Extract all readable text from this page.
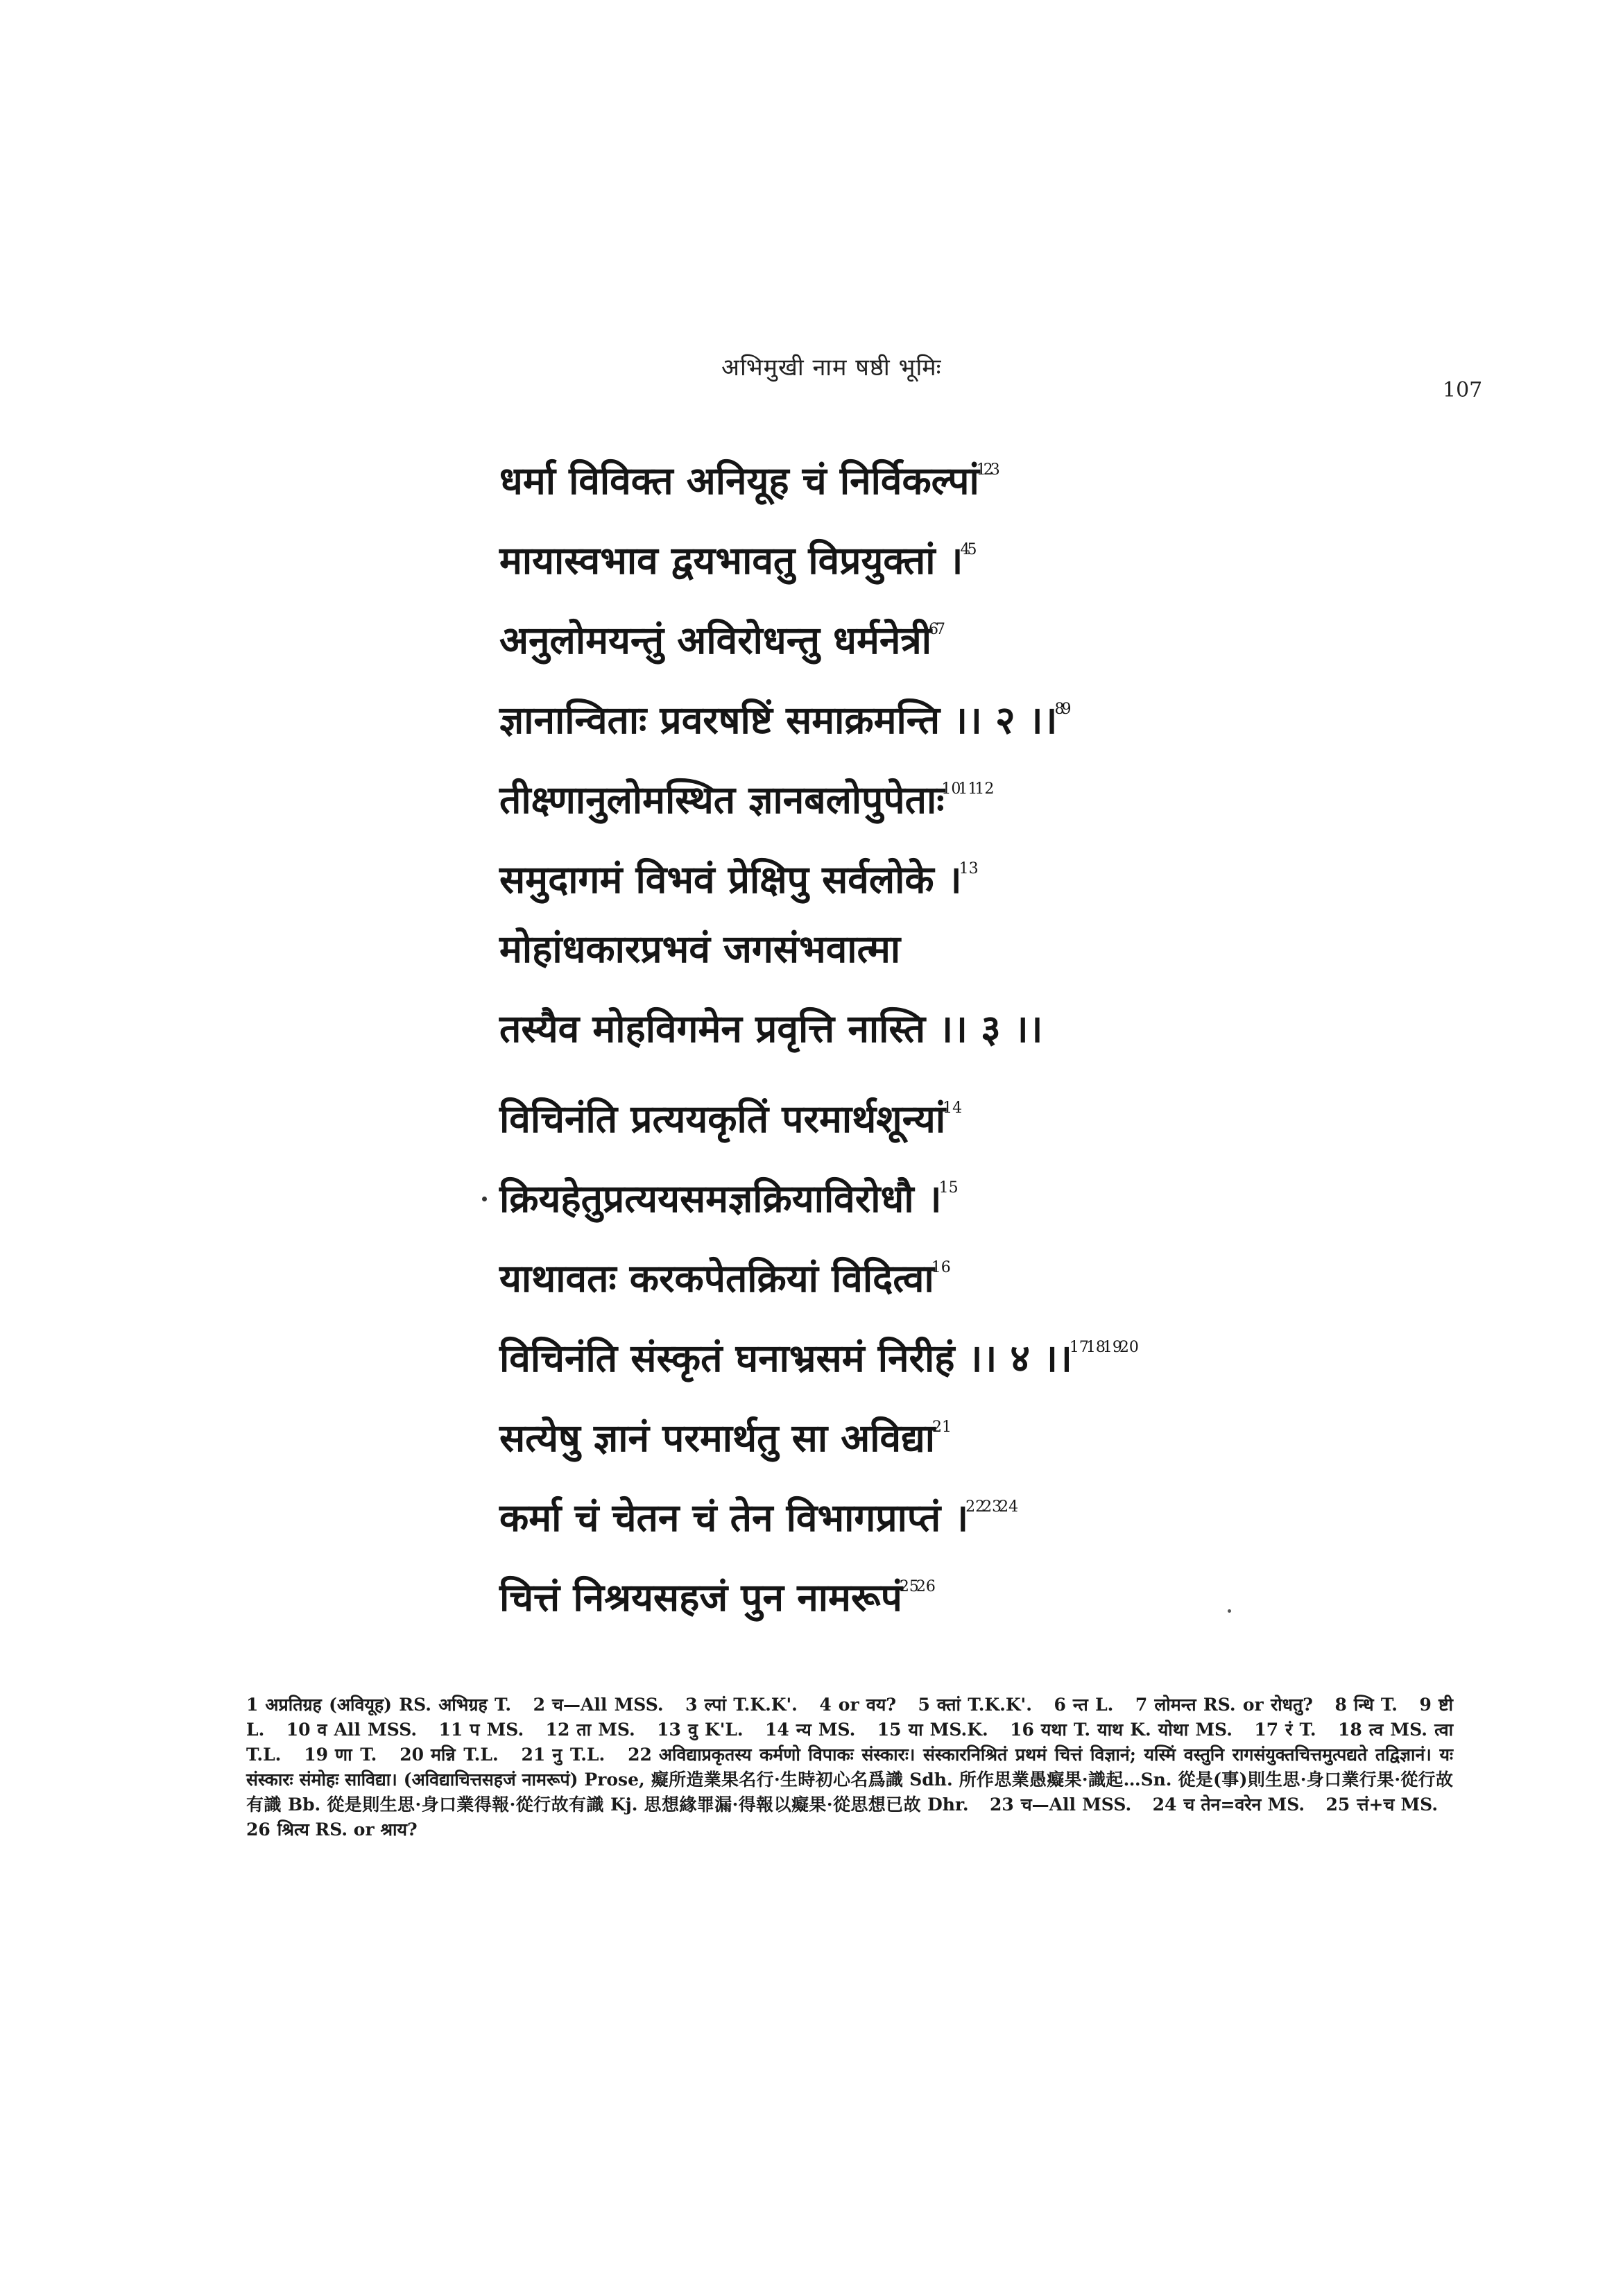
अभिमुखी नाम षष्ठी भूमिः
107
धर्मा विविक्त अनियूह चं निर्विकल्पां$^{123}$
मायास्वभाव द्वयभावतु विप्रयुक्तां ।$^{45}$
अनुलोमयन्तुं अविरोधन्तु धर्मनेत्री$^{67}$
ज्ञानान्विताः प्रवरषष्टिं समाक्रमन्ति ।। २ ।।$^{89}$
तीक्ष्णानुलोमस्थित ज्ञानबलोपुपेताः$^{101112}$
समुदागमं विभवं प्रेक्षिपु सर्वलोके ।$^{13}$
मोहांधकारप्रभवं जगसंभवात्मा
तस्यैव मोहविगमेन प्रवृत्ति नास्ति ।। ३ ।।
विचिनंति प्रत्ययकृतिं परमार्थशून्यां$^{14}$
क्रियहेतुप्रत्ययसमज्ञक्रियाविरोधौ ।$^{15}$
याथावतः करकपेतक्रियां विदित्वा$^{16}$
विचिनंति संस्कृतं घनाभ्रसमं निरीहं ।। ४ ।।$^{17181920}$
सत्येषु ज्ञानं परमार्थतु सा अविद्या$^{21}$
कर्मा चं चेतन चं तेन विभागप्राप्तं ।$^{222324}$
चित्तं निश्रयसहजं पुन नामरूपं$^{2526}$
1 अप्रतिग्रह (अवियूह) RS. अभिग्रह T. 2 च—All MSS. 3 ल्पां T.K.K'. 4 or वय? 5 क्तां T.K.K'. 6 न्त L. 7 लोमन्त RS. or रोधतु? 8 न्धि T. 9 ष्टी L. 10 व All MSS. 11 प MS. 12 ता MS. 13 वु K'L. 14 न्य MS. 15 या MS.K. 16 यथा T. याथ K. योथा MS. 17 रं T. 18 त्व MS. त्वा T.L. 19 णा T. 20 मन्नि T.L. 21 नु T.L. 22 अविद्याप्रकृतस्य कर्मणो विपाकः संस्कारः। संस्कारनिश्रितं प्रथमं चित्तं विज्ञानं; यस्मिं वस्तुनि रागसंयुक्तचित्तमुत्पद्यते तद्विज्ञानं। यः संस्कारः संमोहः साविद्या। (अविद्याचित्तसहजं नामरूपं) Prose, 癡所造業果名行·生時初心名爲識 Sdh. 所作思業愚癡果·識起…Sn. 從是(事)則生思·身口業行果·從行故有識 Bb. 從是則生思·身口業得報·從行故有識 Kj. 思想緣罪漏·得報以癡果·從思想已故 Dhr. 23 च—All MSS. 24 च तेन=वरेन MS. 25 त्तं+च MS. 26 श्रित्य RS. or श्राय?
